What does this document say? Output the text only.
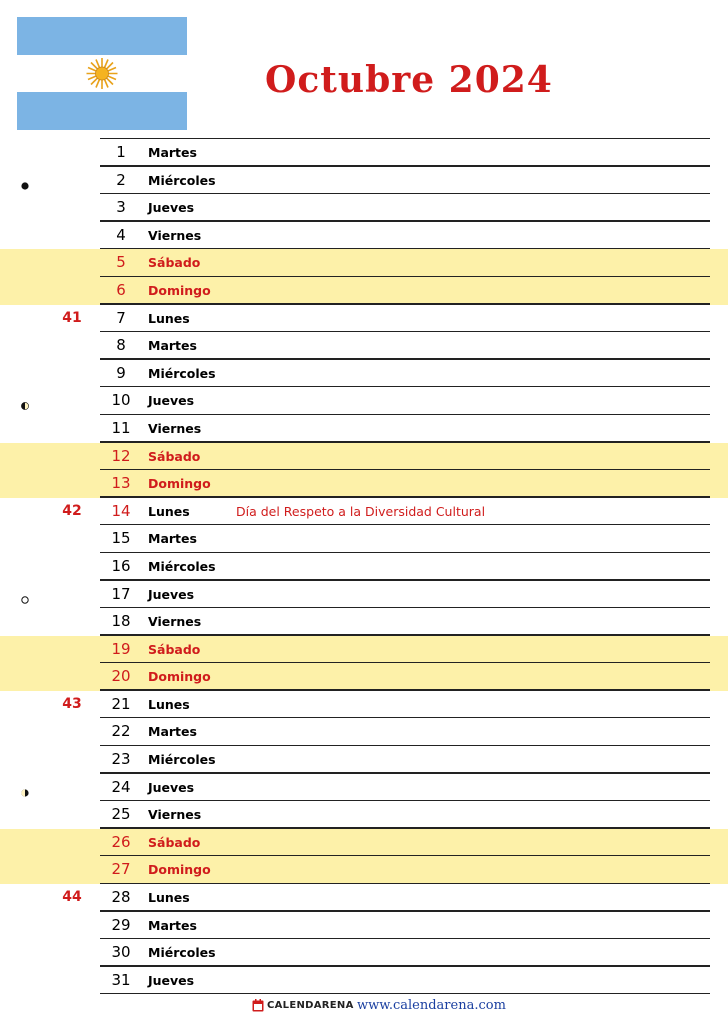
Octubre 2024
1	Martes
2	Miércoles
3	Jueves
4	Viernes
5	Sábado
6	Domingo
41	7	Lunes
8	Martes
9	Miércoles
10	Jueves
11	Viernes
12	Sábado
13	Domingo
42	14	Lunes	Día del Respeto a la Diversidad Cultural
15	Martes
16	Miércoles
17	Jueves
18	Viernes
19	Sábado
20	Domingo
43	21	Lunes
22	Martes
23	Miércoles
24	Jueves
25	Viernes
26	Sábado
27	Domingo
44	28	Lunes
29	Martes
30	Miércoles
31	Jueves
CALENDARENA www.calendarena.com
